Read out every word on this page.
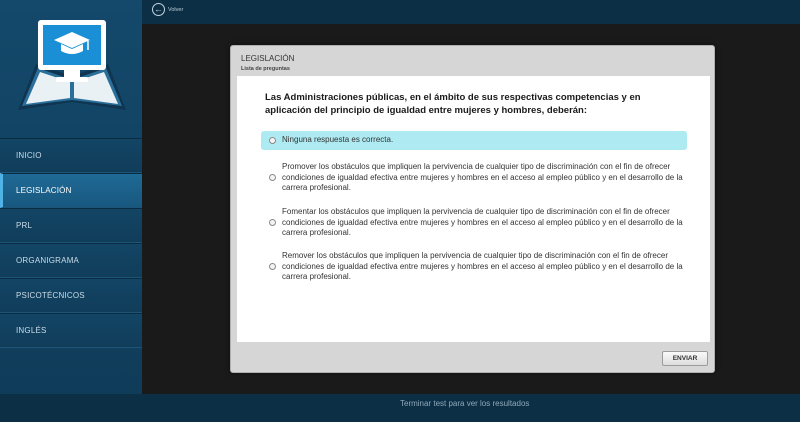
INICIO
LEGISLACIÓN
PRL
ORGANIGRAMA
PSICOTÉCNICOS
INGLÉS
← Volver
LEGISLACIÓN
Lista de preguntas
Las Administraciones públicas, en el ámbito de sus respectivas competencias y en aplicación del principio de igualdad entre mujeres y hombres, deberán:
Ninguna respuesta es correcta.
Promover los obstáculos que impliquen la pervivencia de cualquier tipo de discriminación con el fin de ofrecer condiciones de igualdad efectiva entre mujeres y hombres en el acceso al empleo público y en el desarrollo de la carrera profesional.
Fomentar los obstáculos que impliquen la pervivencia de cualquier tipo de discriminación con el fin de ofrecer condiciones de igualdad efectiva entre mujeres y hombres en el acceso al empleo público y en el desarrollo de la carrera profesional.
Remover los obstáculos que impliquen la pervivencia de cualquier tipo de discriminación con el fin de ofrecer condiciones de igualdad efectiva entre mujeres y hombres en el acceso al empleo público y en el desarrollo de la carrera profesional.
ENVIAR
Terminar test para ver los resultados
